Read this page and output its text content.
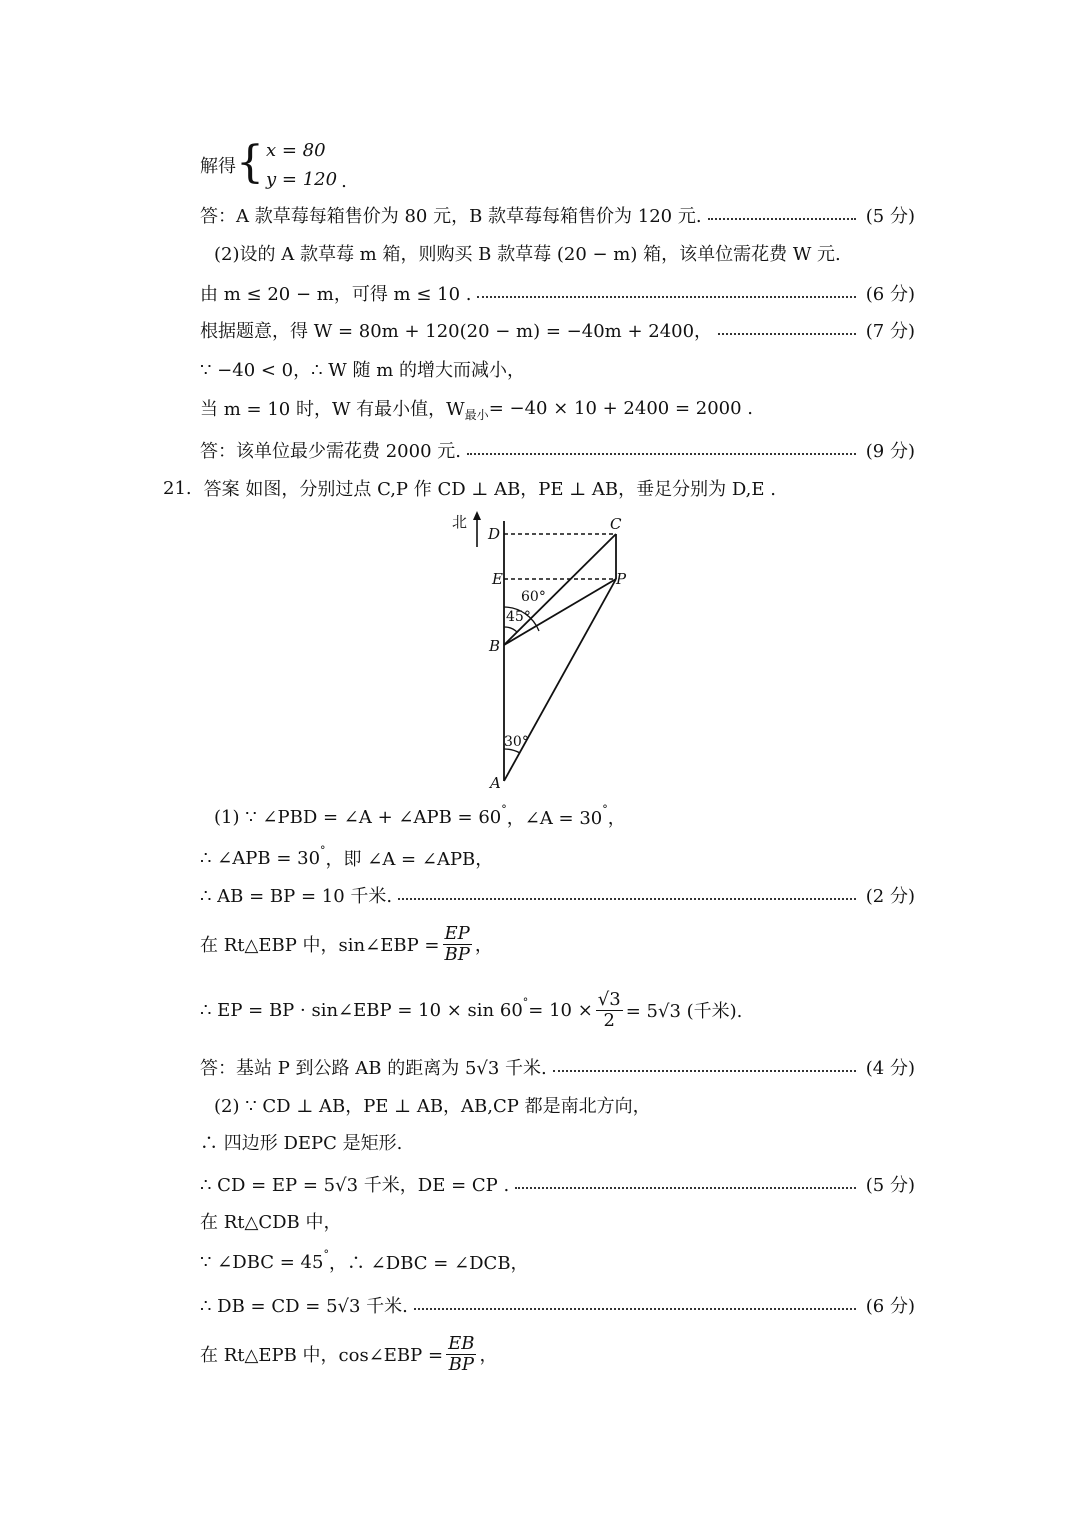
解得 { x = 80
y = 120 .
答：A 款草莓每箱售价为 80 元，B 款草莓每箱售价为 120 元.	(5 分)
(2)设的 A 款草莓 m 箱，则购买 B 款草莓 (20 − m) 箱，该单位需花费 W 元.
由 m ≤ 20 − m，可得 m ≤ 10 .	(6 分)
根据题意，得 W = 80m + 120(20 − m) = −40m + 2400，	(7 分)
∵ −40 < 0，∴ W 随 m 的增大而减小，
当 m = 10 时，W 有最小值，W 最小 = −40 × 10 + 2400 = 2000 .
答：该单位最少需花费 2000 元.	(9 分)
21. 答案 如图，分别过点 C,P 作 CD ⊥ AB，PE ⊥ AB，垂足分别为 D,E .
北	C
D
E	P
B
A
60°
45°
30°
(1) ∵ ∠PBD = ∠A + ∠APB = 60 ° ，∠A = 30 ° ，
∴ ∠APB = 30 ° ，即 ∠A = ∠APB，
∴ AB = BP = 10 千米.	(2 分)
在 Rt△EBP 中，sin∠EBP = $\frac{EP}{BP}$ ，
∴ EP = BP · sin∠EBP = 10 × sin 60 ° = $10 \times \frac{√3}{2} = 5√3$ (千米).
答：基站 P 到公路 AB 的距离为 5√3 千米.	(4 分)
(2) ∵ CD ⊥ AB，PE ⊥ AB，AB,CP 都是南北方向，
∴ 四边形 DEPC 是矩形.
∴ CD = EP = 5√3 千米，DE = CP .	(5 分)
在 Rt△CDB 中，
∵ ∠DBC = 45 ° ，∴ ∠DBC = ∠DCB，
∴ DB = CD = 5√3 千米.	(6 分)
在 Rt△EPB 中，cos∠EBP = $\frac{EB}{BP}$ ，
